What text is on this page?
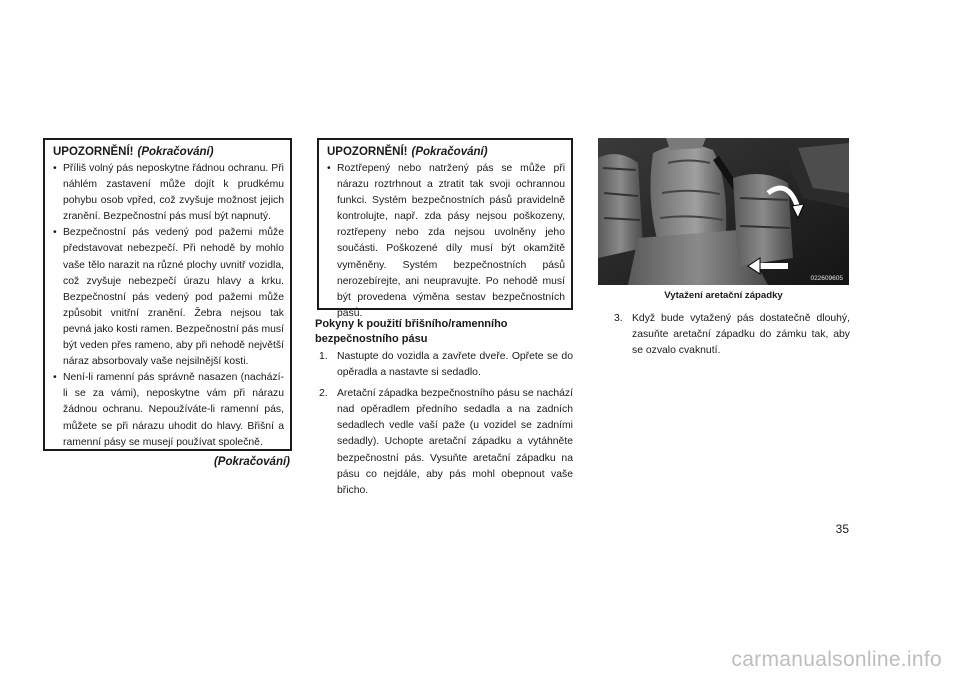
UPOZORNĚNÍ! (Pokračování)
• Příliš volný pás neposkytne řádnou ochranu. Při náhlém zastavení může dojít k prudkému pohybu osob vpřed, což zvyšuje možnost jejich zranění. Bezpečnostní pás musí být napnutý.
• Bezpečnostní pás vedený pod pažemi může představovat nebezpečí. Při nehodě by mohlo vaše tělo narazit na různé plochy uvnitř vozidla, což zvyšuje nebezpečí úrazu hlavy a krku. Bezpečnostní pás vedený pod pažemi může způsobit vnitřní zranění. Žebra nejsou tak pevná jako kosti ramen. Bezpečnostní pás musí být veden přes rameno, aby při nehodě největší náraz absorbovaly vaše nejsilnější kosti.
• Není-li ramenní pás správně nasazen (nachází-li se za vámi), neposkytne vám při nárazu žádnou ochranu. Nepoužíváte-li ramenní pás, můžete se při nárazu uhodit do hlavy. Břišní a ramenní pásy se musejí používat společně.
(Pokračování)
UPOZORNĚNÍ! (Pokračování)
• Roztřepený nebo natržený pás se může při nárazu roztrhnout a ztratit tak svoji ochrannou funkci. Systém bezpečnostních pásů pravidelně kontrolujte, např. zda pásy nejsou poškozeny, roztřepeny nebo zda nejsou uvolněny jeho součásti. Poškozené díly musí být okamžitě vyměněny. Systém bezpečnostních pásů nerozebírejte, ani neupravujte. Po nehodě musí být provedena výměna sestav bezpečnostních pásů.
Pokyny k použití břišního/ramenního bezpečnostního pásu
1. Nastupte do vozidla a zavřete dveře. Opřete se do opěradla a nastavte si sedadlo.
2. Aretační západka bezpečnostního pásu se nachází nad opěradlem předního sedadla a na zadních sedadlech vedle vaší paže (u vozidel se zadními sedadly). Uchopte aretační západku a vytáhněte bezpečnostní pás. Vysuňte aretační západku na pásu co nejdále, aby pás mohl obepnout vaše břicho.
022609605
Vytažení aretační západky
3. Když bude vytažený pás dostatečně dlouhý, zasuňte aretační západku do zámku tak, aby se ozvalo cvaknutí.
35
carmanualsonline.info
